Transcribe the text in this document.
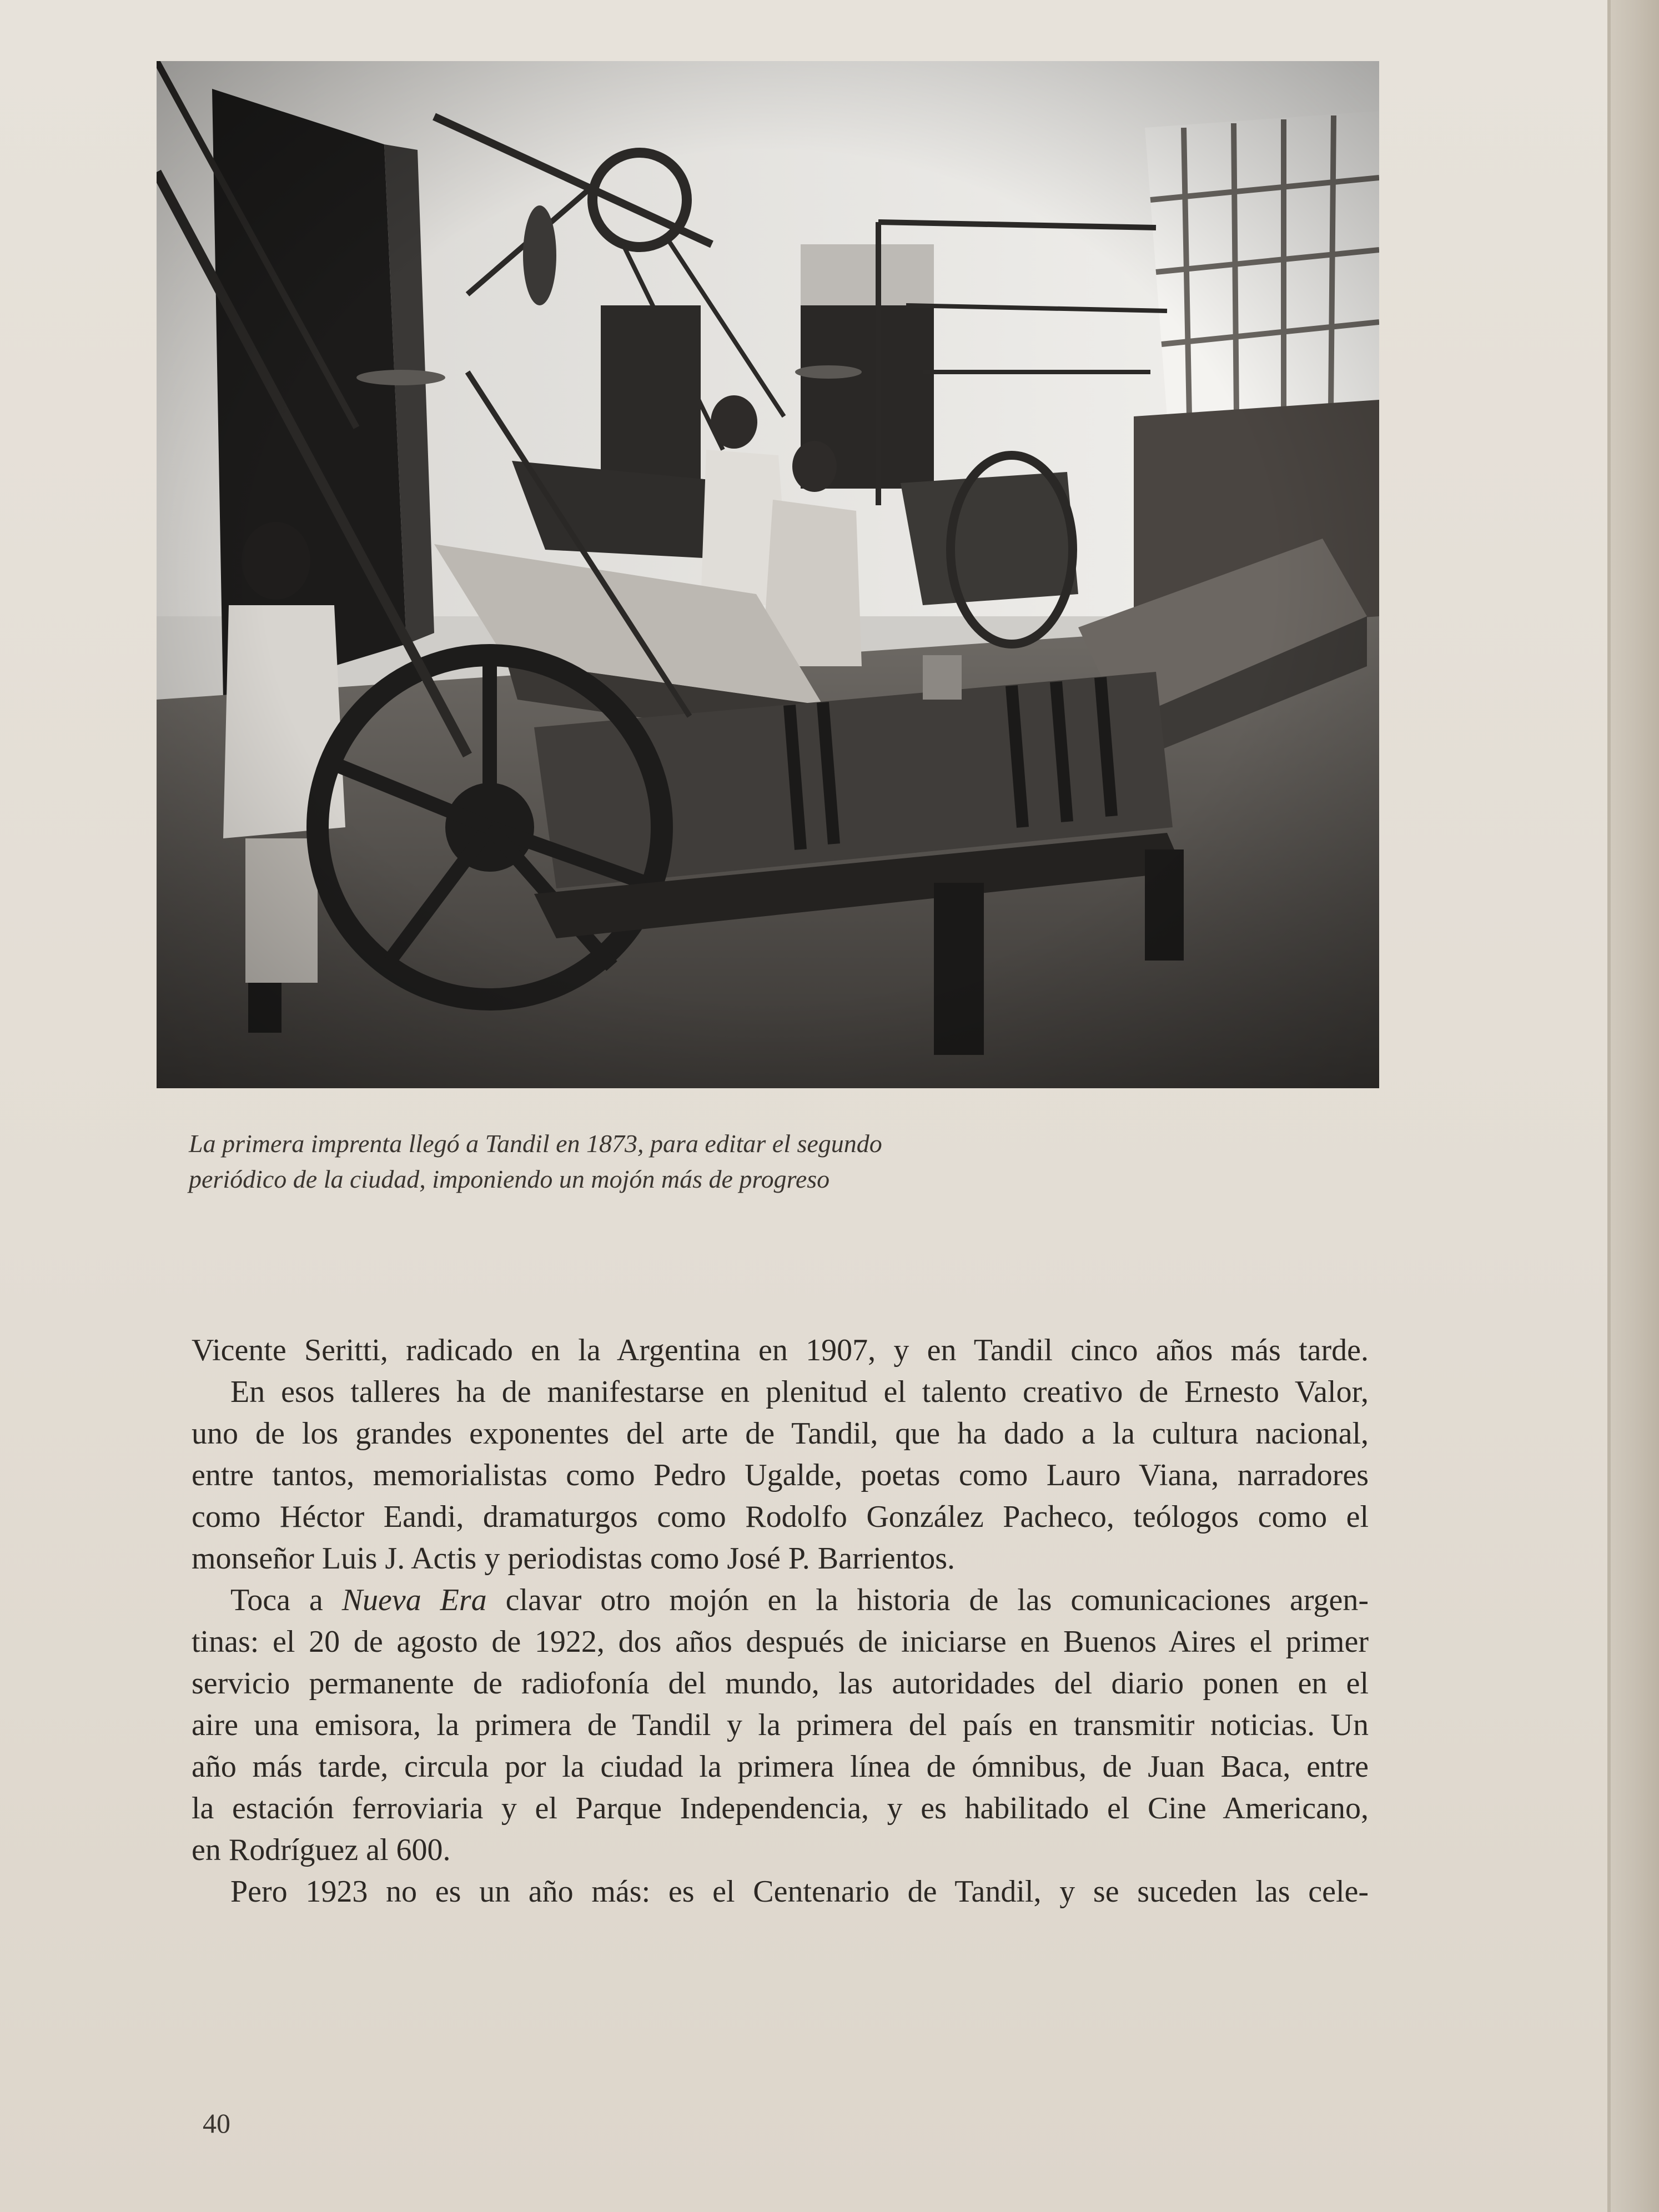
La primera imprenta llegó a Tandil en 1873, para editar el segundo
periódico de la ciudad, imponiendo un mojón más de progreso
Vicente Seritti, radicado en la Argentina en 1907, y en Tandil cinco años más tarde.
En esos talleres ha de manifestarse en plenitud el talento creativo de Ernesto Valor,
uno de los grandes exponentes del arte de Tandil, que ha dado a la cultura nacional,
entre tantos, memorialistas como Pedro Ugalde, poetas como Lauro Viana, narradores
como Héctor Eandi, dramaturgos como Rodolfo González Pacheco, teólogos como el
monseñor Luis J. Actis y periodistas como José P. Barrientos.
Toca a Nueva Era clavar otro mojón en la historia de las comunicaciones argen-
tinas: el 20 de agosto de 1922, dos años después de iniciarse en Buenos Aires el primer
servicio permanente de radiofonía del mundo, las autoridades del diario ponen en el
aire una emisora, la primera de Tandil y la primera del país en transmitir noticias. Un
año más tarde, circula por la ciudad la primera línea de ómnibus, de Juan Baca, entre
la estación ferroviaria y el Parque Independencia, y es habilitado el Cine Americano,
en Rodríguez al 600.
Pero 1923 no es un año más: es el Centenario de Tandil, y se suceden las cele-
40
